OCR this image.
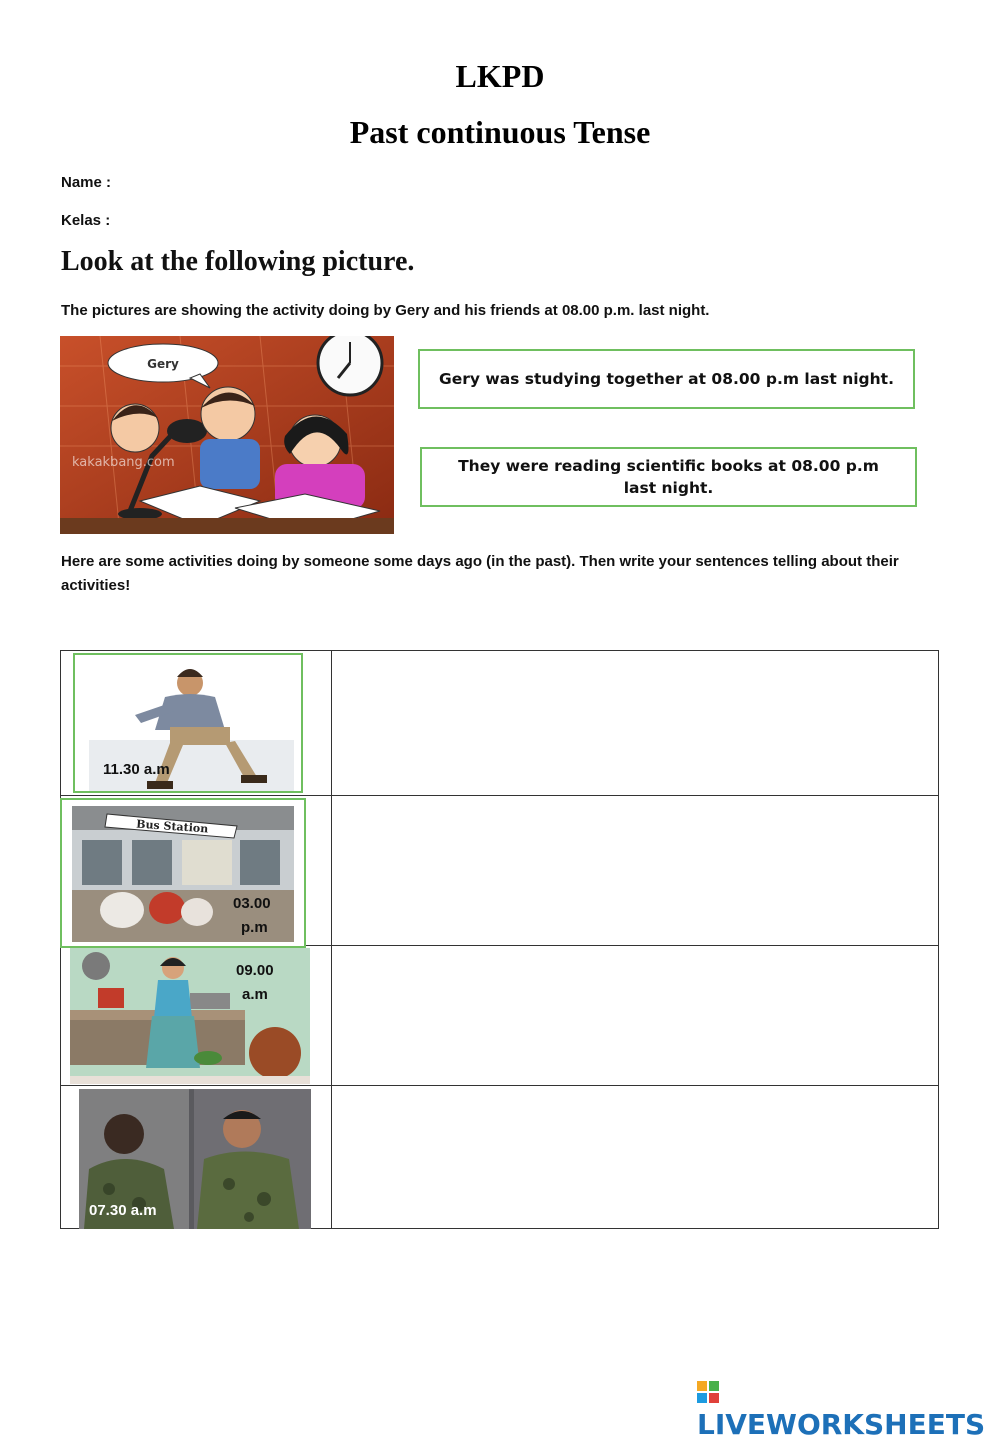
LKPD
Past continuous Tense
Name :
Kelas :
Look at the following picture.
The pictures are showing the activity doing by Gery and his friends at 08.00 p.m. last night.
Gery
kakakbang.com
Gery was studying together at 08.00 p.m last night.
They were reading scientific books at 08.00 p.m last night.
Here are some activities doing by someone some days ago (in the past). Then write your sentences telling about their activities!
11.30 a.m

Bus Station
03.00
p.m

09.00
a.m

07.30 a.m

LIVEWORKSHEETS
